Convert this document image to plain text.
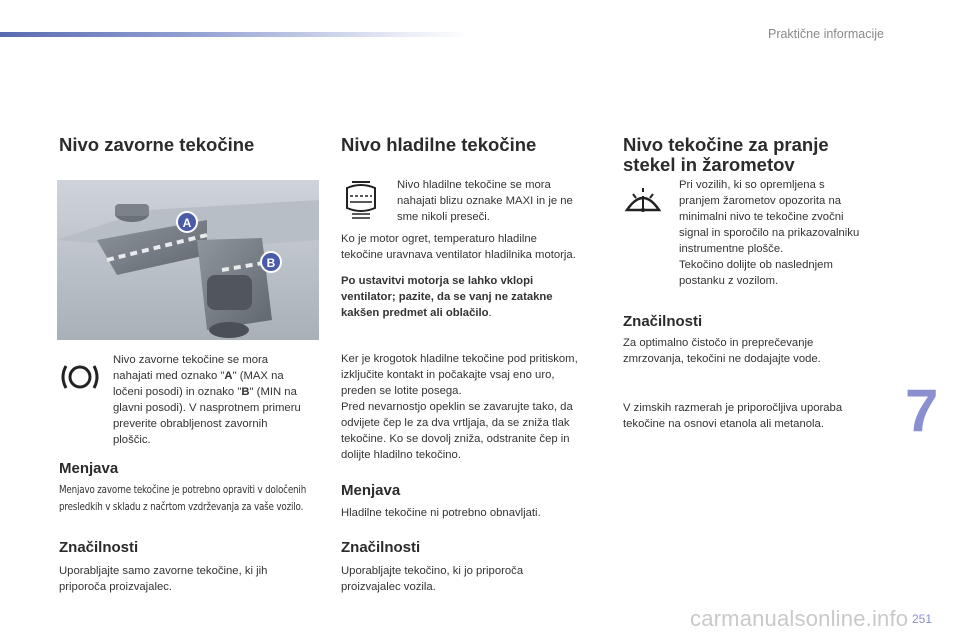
Praktične informacije
Nivo zavorne tekočine
A
B

Nivo zavorne tekočine se mora

nahajati med oznako "A" (MAX na

ločeni posodi) in oznako "B" (MIN na

glavni posodi). V nasprotnem primeru

preverite obrabljenost zavornih

ploščic.

Menjava

Menjavo zavorne tekočine je potrebno opraviti v določenih

presledkih v skladu z načrtom vzdrževanja za vaše vozilo.

Značilnosti

Uporabljajte samo zavorne tekočine, ki jih

priporoča proizvajalec.

Nivo hladilne tekočine

Nivo hladilne tekočine se mora

nahajati blizu oznake MAXI in je ne

sme nikoli preseči.

Ko je motor ogret, temperaturo hladilne

tekočine uravnava ventilator hladilnika motorja.

Po ustavitvi motorja se lahko vklopi

ventilator; pazite, da se vanj ne zatakne

kakšen predmet ali oblačilo.

Ker je krogotok hladilne tekočine pod pritiskom,

izključite kontakt in počakajte vsaj eno uro,

preden se lotite posega.

Pred nevarnostjo opeklin se zavarujte tako, da

odvijete čep le za dva vrtljaja, da se zniža tlak

tekočine. Ko se dovolj zniža, odstranite čep in

dolijte hladilno tekočino.

Menjava

Hladilne tekočine ni potrebno obnavljati.

Značilnosti

Uporabljajte tekočino, ki jo priporoča

proizvajalec vozila.

Nivo tekočine za pranje
stekel in žarometov

Pri vozilih, ki so opremljena s

pranjem žarometov opozorita na

minimalni nivo te tekočine zvočni

signal in sporočilo na prikazovalniku

instrumentne plošče.

Tekočino dolijte ob naslednjem

postanku z vozilom.

Značilnosti

Za optimalno čistočo in preprečevanje

zmrzovanja, tekočini ne dodajajte vode.

V zimskih razmerah je priporočljiva uporaba

tekočine na osnovi etanola ali metanola. 7
251
carmanualsonline.info
